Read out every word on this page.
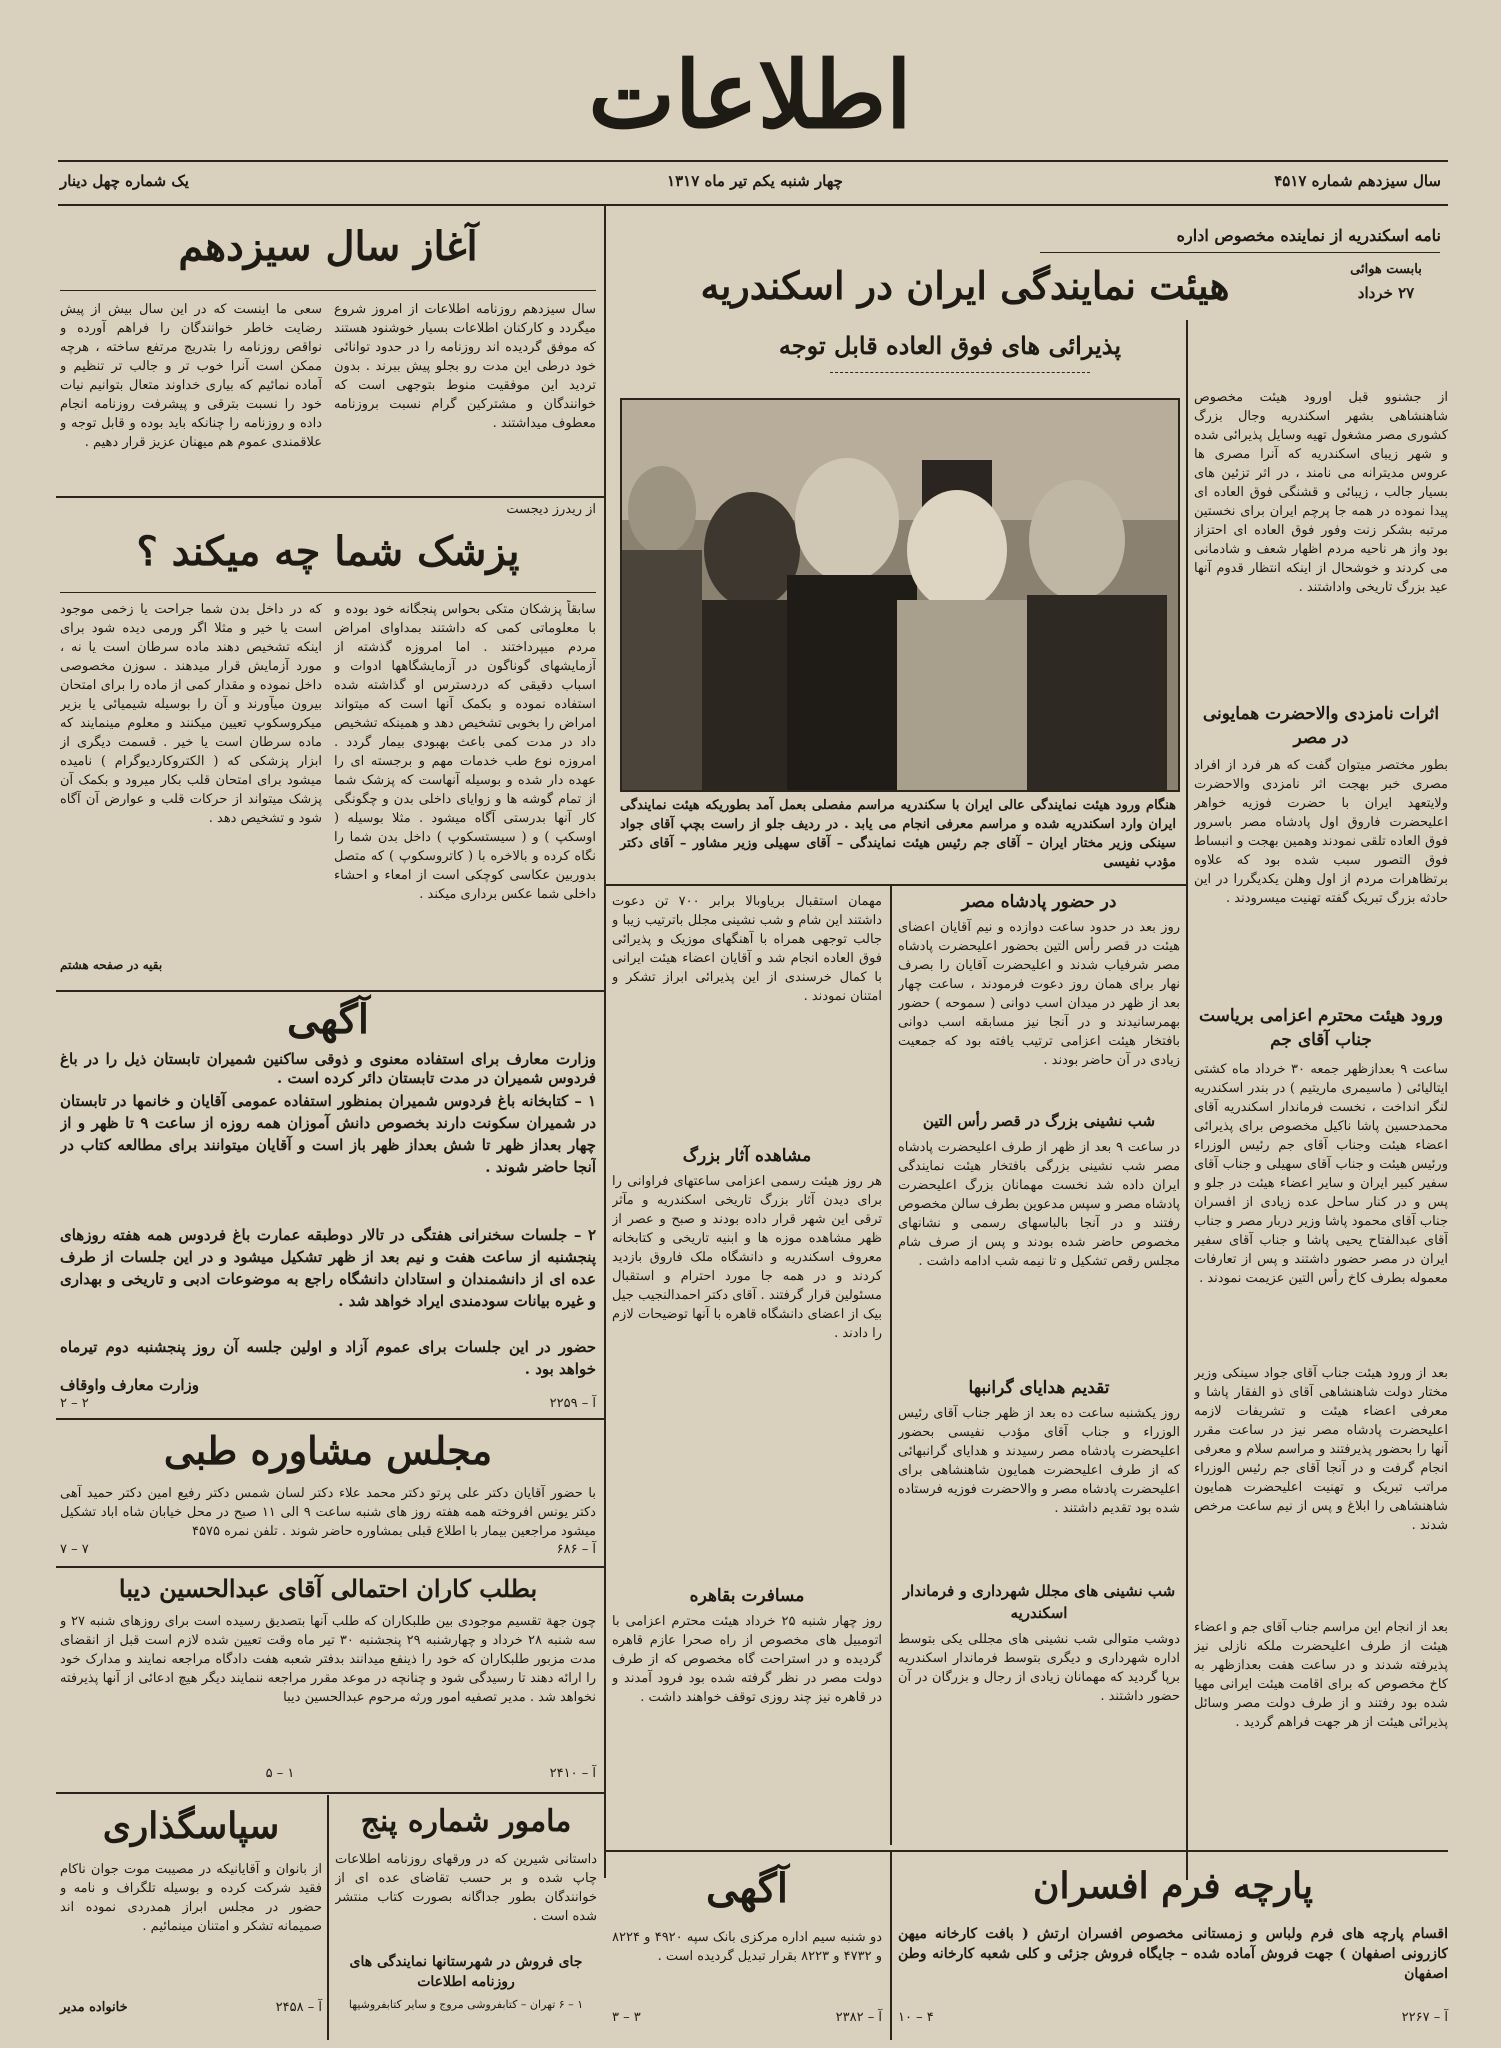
اطلاعات
سال سیزدهم شماره ۴۵۱۷
چهار شنبه یکم تیر ماه ۱۳۱۷
یک شماره چهل دینار
نامه اسکندریه از نماینده مخصوص اداره
بابست هوائی
۲۷ خرداد
هیئت نمایندگی ایران در اسکندریه
پذیرائی های فوق العاده قابل توجه
از جشنوو قبل اورود هیئت مخصوص شاهنشاهی بشهر اسکندریه وجال بزرگ کشوری مصر مشغول تهیه وسایل پذیرائی شده و شهر زیبای اسکندریه که آنرا مصری ها عروس مدیترانه می نامند ، در اثر تزئین های بسیار جالب ، زیبائی و قشنگی فوق العاده ای پیدا نموده در همه جا پرچم ایران برای نخستین مرتبه بشکر زنت وفور فوق العاده ای احتزاز بود واز هر ناحیه مردم اظهار شعف و شادمانی می کردند و خوشحال از اینکه انتظار قدوم آنها عید بزرگ تاریخی واداشتند .
اثرات نامزدی والاحضرت همایونی در مصر
بطور مختصر میتوان گفت که هر فرد از افراد مصری خبر بهجت اثر نامزدی والاحضرت ولایتعهد ایران با حضرت فوزیه خواهر اعلیحضرت فاروق اول پادشاه مصر باسرور فوق العاده تلقی نمودند وهمین بهجت و انبساط فوق التصور سبب شده بود که علاوه برتظاهرات مردم از اول وهلن یکدیگررا در این حادثه بزرگ تبریک گفته تهنیت میسرودند .
ورود هیئت محترم اعزامی بریاست جناب آقای جم
ساعت ۹ بعدازظهر جمعه ۳۰ خرداد ماه کشتی ایتالیائی ( ماسیمری ماریتیم ) در بندر اسکندریه لنگر انداخت ، نخست فرماندار اسکندریه آقای محمدحسین پاشا ناکیل مخصوص برای پذیرائی اعضاء هیئت وجناب آقای جم رئیس الوزراء ورئیس هیئت و جناب آقای سهیلی و جناب آقای سفیر کبیر ایران و سایر اعضاء هیئت در جلو و پس و در کنار ساحل عده زیادی از افسران جناب آقای محمود پاشا وزیر دربار مصر و جناب آقای عبدالفتاح یحیی پاشا و جناب آقای سفیر ایران در مصر حضور داشتند و پس از تعارفات معموله بطرف کاخ رأس التین عزیمت نمودند .
بعد از ورود هیئت جناب آقای جواد سینکی وزیر مختار دولت شاهنشاهی آقای ذو الفقار پاشا و معرفی اعضاء هیئت و تشریفات لازمه اعلیحضرت پادشاه مصر نیز در ساعت مقرر آنها را بحضور پذیرفتند و مراسم سلام و معرفی انجام گرفت و در آنجا آقای جم رئیس الوزراء مراتب تبریک و تهنیت اعلیحضرت همایون شاهنشاهی را ابلاغ و پس از نیم ساعت مرخص شدند .
بعد از انجام این مراسم جناب آقای جم و اعضاء هیئت از طرف اعلیحضرت ملکه نازلی نیز پذیرفته شدند و در ساعت هفت بعدازظهر به کاخ مخصوص که برای اقامت هیئت ایرانی مهیا شده بود رفتند و از طرف دولت مصر وسائل پذیرائی هیئت از هر جهت فراهم گردید .
هنگام ورود هیئت نمایندگی عالی ایران با سکندریه مراسم مفصلی بعمل آمد بطوریکه هیئت نمایندگی ایران وارد اسکندریه شده و مراسم معرفی انجام می یابد . در ردیف جلو از راست بچپ آقای جواد سینکی وزیر مختار ایران – آقای جم رئیس هیئت نمایندگی – آقای سهیلی وزیر مشاور – آقای دکتر مؤدب نفیسی
در حضور پادشاه مصر
روز بعد در حدود ساعت دوازده و نیم آقایان اعضای هیئت در قصر رأس التین بحضور اعلیحضرت پادشاه مصر شرفیاب شدند و اعلیحضرت آقایان را بصرف نهار برای همان روز دعوت فرمودند ، ساعت چهار بعد از ظهر در میدان اسب دوانی ( سموحه ) حضور بهمرسانیدند و در آنجا نیز مسابقه اسب دوانی بافتخار هیئت اعزامی ترتیب یافته بود که جمعیت زیادی در آن حاضر بودند .
شب نشینی بزرگ در قصر رأس التین
در ساعت ۹ بعد از ظهر از طرف اعلیحضرت پادشاه مصر شب نشینی بزرگی بافتخار هیئت نمایندگی ایران داده شد نخست مهمانان بزرگ اعلیحضرت پادشاه مصر و سپس مدعوین بطرف سالن مخصوص رفتند و در آنجا بالباسهای رسمی و نشانهای مخصوص حاضر شده بودند و پس از صرف شام مجلس رقص تشکیل و تا نیمه شب ادامه داشت .
تقدیم هدایای گرانبها
روز یکشنبه ساعت ده بعد از ظهر جناب آقای رئیس الوزراء و جناب آقای مؤدب نفیسی بحضور اعلیحضرت پادشاه مصر رسیدند و هدایای گرانبهائی که از طرف اعلیحضرت همایون شاهنشاهی برای اعلیحضرت پادشاه مصر و والاحضرت فوزیه فرستاده شده بود تقدیم داشتند .
شب نشینی های مجلل شهرداری و فرماندار اسکندریه
دوشب متوالی شب نشینی های مجللی یکی بتوسط اداره شهرداری و دیگری بتوسط فرماندار اسکندریه برپا گردید که مهمانان زیادی از رجال و بزرگان در آن حضور داشتند .
مهمان استقبال بریاوبالا برابر ۷۰۰ تن دعوت داشتند این شام و شب نشینی مجلل باترتیب زیبا و جالب توجهی همراه با آهنگهای موزیک و پذیرائی فوق العاده انجام شد و آقایان اعضاء هیئت ایرانی با کمال خرسندی از این پذیرائی ابراز تشکر و امتنان نمودند .
مشاهده آثار بزرگ
هر روز هیئت رسمی اعزامی ساعتهای فراوانی را برای دیدن آثار بزرگ تاریخی اسکندریه و مآثر ترقی این شهر قرار داده بودند و صبح و عصر از ظهر مشاهده موزه ها و ابنیه تاریخی و کتابخانه معروف اسکندریه و دانشگاه ملک فاروق بازدید کردند و در همه جا مورد احترام و استقبال مسئولین قرار گرفتند . آقای دکتر احمدالنجیب جیل بیک از اعضای دانشگاه قاهره با آنها توضیحات لازم را دادند .
مسافرت بقاهره
روز چهار شنبه ۲۵ خرداد هیئت محترم اعزامی با اتومبیل های مخصوص از راه صحرا عازم قاهره گردیده و در استراحت گاه مخصوص که از طرف دولت مصر در نظر گرفته شده بود فرود آمدند و در قاهره نیز چند روزی توقف خواهند داشت .
آغاز سال سیزدهم
سال سیزدهم روزنامه اطلاعات از امروز شروع میگردد و کارکنان اطلاعات بسیار خوشنود هستند که موفق گردیده اند روزنامه را در حدود توانائی خود درطی این مدت رو بجلو پیش ببرند . بدون تردید این موفقیت منوط بتوجهی است که خوانندگان و مشترکین گرام نسبت بروزنامه معطوف میداشتند .
سعی ما اینست که در این سال بیش از پیش رضایت خاطر خوانندگان را فراهم آورده و نواقص روزنامه را بتدریج مرتفع ساخته ، هرچه ممکن است آنرا خوب تر و جالب تر تنظیم و آماده نمائیم که بیاری خداوند متعال بتوانیم نیات خود را نسبت بترقی و پیشرفت روزنامه انجام داده و روزنامه را چنانکه باید بوده و قابل توجه و علاقمندی عموم هم میهنان عزیز قرار دهیم .
از ریدرز دیجست
پزشک شما چه میکند ؟
سابقاً پزشکان متکی بحواس پنجگانه خود بوده و با معلوماتی کمی که داشتند بمداوای امراض مردم میپرداختند . اما امروزه گذشته از آزمایشهای گوناگون در آزمایشگاهها ادوات و اسباب دقیقی که دردسترس او گذاشته شده استفاده نموده و بکمک آنها است که میتواند امراض را بخوبی تشخیص دهد و همینکه تشخیص داد در مدت کمی باعث بهبودی بیمار گردد . امروزه نوع طب خدمات مهم و برجسته ای را عهده دار شده و بوسیله آنهاست که پزشک شما از تمام گوشه ها و زوایای داخلی بدن و چگونگی کار آنها بدرستی آگاه میشود . مثلا بوسیله ( اوسکپ ) و ( سیستسکوپ ) داخل بدن شما را نگاه کرده و بالاخره با ( کاتروسکوپ ) که متصل بدوربین عکاسی کوچکی است از امعاء و احشاء داخلی شما عکس برداری میکند .
که در داخل بدن شما جراحت یا زخمی موجود است یا خیر و مثلا اگر ورمی دیده شود برای اینکه تشخیص دهند ماده سرطان است یا نه ، مورد آزمایش قرار میدهند . سوزن مخصوصی داخل نموده و مقدار کمی از ماده را برای امتحان بیرون میآورند و آن را بوسیله شیمیائی یا بزیر میکروسکوپ تعیین میکنند و معلوم مینمایند که ماده سرطان است یا خیر . قسمت دیگری از ابزار پزشکی که ( الکتروکاردیوگرام ) نامیده میشود برای امتحان قلب بکار میرود و بکمک آن پزشک میتواند از حرکات قلب و عوارض آن آگاه شود و تشخیص دهد .
بقیه در صفحه هشتم
آگهی
وزارت معارف برای استفاده معنوی و ذوقی ساکنین شمیران تابستان ذیل را در باغ فردوس شمیران در مدت تابستان دائر کرده است .
۱ – کتابخانه باغ فردوس شمیران بمنظور استفاده عمومی آقایان و خانمها در تابستان در شمیران سکونت دارند بخصوص دانش آموزان همه روزه از ساعت ۹ تا ظهر و از چهار بعداز ظهر تا شش بعداز ظهر باز است و آقایان میتوانند برای مطالعه کتاب در آنجا حاضر شوند .
۲ – جلسات سخنرانی هفتگی در تالار دوطبقه عمارت باغ فردوس همه هفته روزهای پنجشنبه از ساعت هفت و نیم بعد از ظهر تشکیل میشود و در این جلسات از طرف عده ای از دانشمندان و استادان دانشگاه راجع به موضوعات ادبی و تاریخی و بهداری و غیره بیانات سودمندی ایراد خواهد شد .
حضور در این جلسات برای عموم آزاد و اولین جلسه آن روز پنجشنبه دوم تیرماه خواهد بود .
وزارت معارف واوقاف
آ – ۲۲۵۹
۲ – ۲
مجلس مشاوره طبی
با حضور آقایان دکتر علی پرتو دکتر محمد علاء دکتر لسان شمس دکتر رفیع امین دکتر حمید آهی دکتر یونس افروخته همه هفته روز های شنبه ساعت ۹ الی ۱۱ صبح در محل خیابان شاه اباد تشکیل میشود مراجعین بیمار با اطلاع قبلی بمشاوره حاضر شوند . تلفن نمره ۴۵۷۵
آ – ۶۸۶
۷ – ۷
بطلب کاران احتمالی آقای عبدالحسین دیبا
چون جهة تقسیم موجودی بین طلبکاران که طلب آنها بتصدیق رسیده است برای روزهای شنبه ۲۷ و سه شنبه ۲۸ خرداد و چهارشنبه ۲۹ پنجشنبه ۳۰ تیر ماه وقت تعیین شده لازم است قبل از انقضای مدت مزبور طلبکاران که خود را ذینفع میدانند بدفتر شعبه هفت دادگاه مراجعه نمایند و مدارک خود را ارائه دهند تا رسیدگی شود و چنانچه در موعد مقرر مراجعه ننمایند دیگر هیچ ادعائی از آنها پذیرفته نخواهد شد . مدیر تصفیه امور ورثه مرحوم عبدالحسین دیبا
آ – ۲۴۱۰
۱ – ۵
مامور شماره پنج
داستانی شیرین که در ورقهای روزنامه اطلاعات چاپ شده و بر حسب تقاضای عده ای از خوانندگان بطور جداگانه بصورت کتاب منتشر شده است .
جای فروش در شهرستانها نمایندگی های روزنامه اطلاعات
۱ – ۶ تهران – کتابفروشی مروج و سایر کتابفروشیها
سپاسگذاری
از بانوان و آقایانیکه در مصیبت موت جوان ناکام فقید شرکت کرده و بوسیله تلگراف و نامه و حضور در مجلس ابراز همدردی نموده اند صمیمانه تشکر و امتنان مینمائیم .
خانواده مدیر	آ – ۲۴۵۸
آگهی
دو شنبه سیم اداره مرکزی بانک سپه ۴۹۲۰ و ۸۲۲۴ و ۴۷۳۲ و ۸۲۲۳ بقرار تبدیل گردیده است .
آ – ۲۳۸۲
۳ – ۳
پارچه فرم افسران
اقسام پارچه های فرم ولباس و زمستانی مخصوص افسران ارتش ( بافت کارخانه میهن کازرونی اصفهان ) جهت فروش آماده شده – جایگاه فروش جزئی و کلی شعبه کارخانه وطن اصفهان
آ – ۲۲۶۷
۴ – ۱۰
